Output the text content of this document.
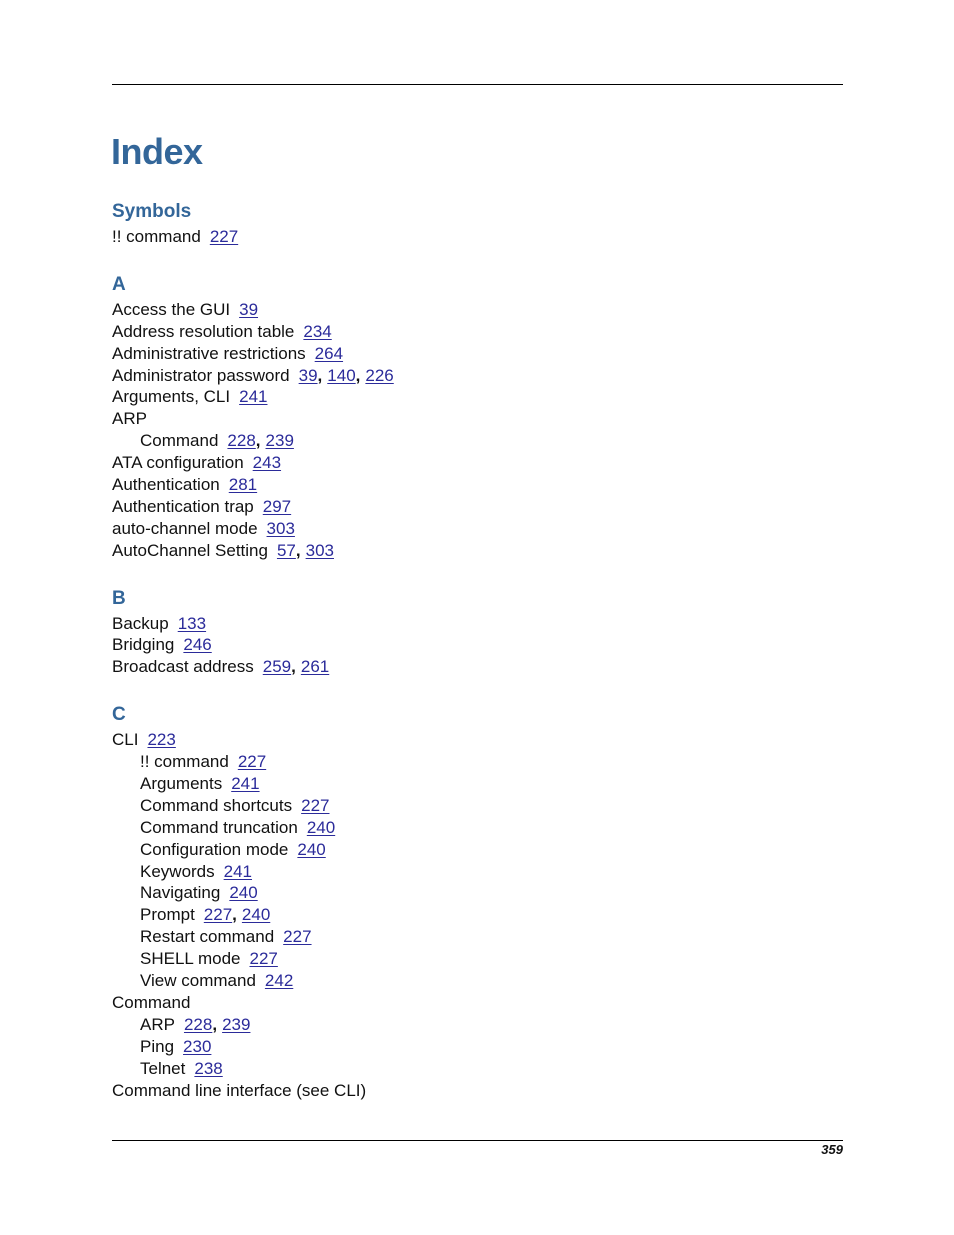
Index
Symbols
!! command 227
A
Access the GUI 39
Address resolution table 234
Administrative restrictions 264
Administrator password 39, 140, 226
Arguments, CLI 241
ARP
Command 228, 239
ATA configuration 243
Authentication 281
Authentication trap 297
auto-channel mode 303
AutoChannel Setting 57, 303
B
Backup 133
Bridging 246
Broadcast address 259, 261
C
CLI 223
!! command 227
Arguments 241
Command shortcuts 227
Command truncation 240
Configuration mode 240
Keywords 241
Navigating 240
Prompt 227, 240
Restart command 227
SHELL mode 227
View command 242
Command
ARP 228, 239
Ping 230
Telnet 238
Command line interface (see CLI)
359
